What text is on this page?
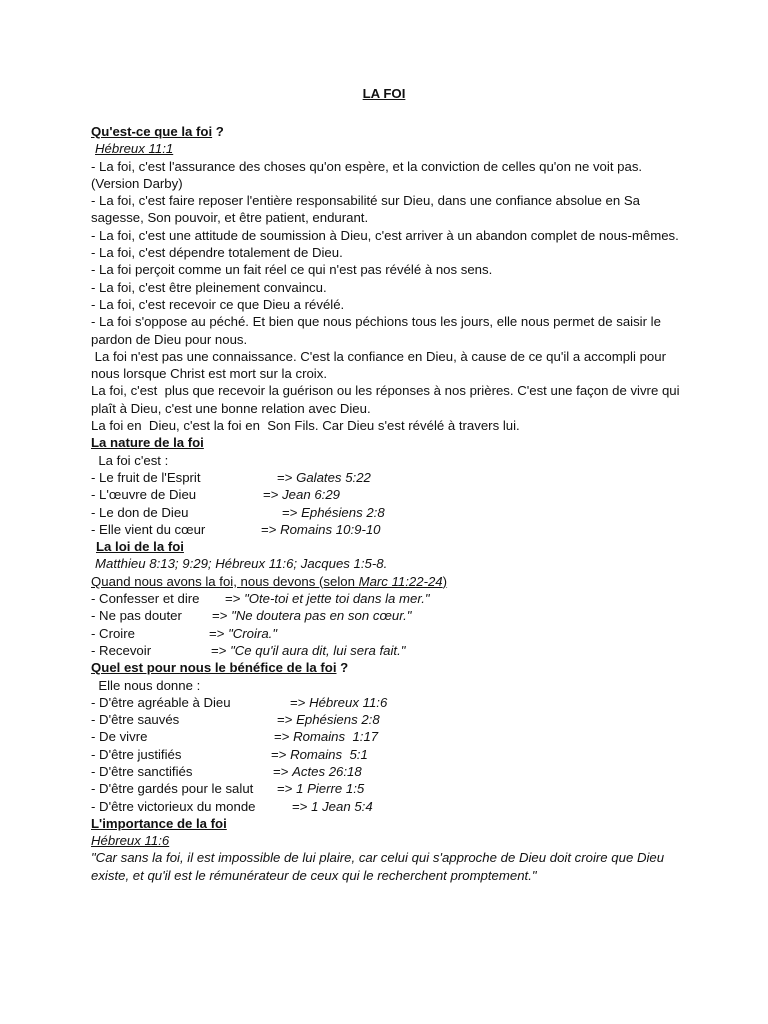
LA FOI

Qu'est-ce que la foi ?

Hébreux 11:1

- La foi, c'est l'assurance des choses qu'on espère, et la conviction de celles qu'on ne voit pas. (Version Darby)

- La foi, c'est faire reposer l'entière responsabilité sur Dieu, dans une confiance absolue en Sa sagesse, Son pouvoir, et être patient, endurant.

- La foi, c'est une attitude de soumission à Dieu, c'est arriver à un abandon complet de nous-mêmes.

- La foi, c'est dépendre totalement de Dieu.

- La foi perçoit comme un fait réel ce qui n'est pas révélé à nos sens.

- La foi, c'est être pleinement convaincu.

- La foi, c'est recevoir ce que Dieu a révélé.

- La foi s'oppose au péché. Et bien que nous péchions tous les jours, elle nous permet de saisir le pardon de Dieu pour nous.

La foi n'est pas une connaissance. C'est la confiance en Dieu, à cause de ce qu'il a accompli pour nous lorsque Christ est mort sur la croix.

La foi, c'est  plus que recevoir la guérison ou les réponses à nos prières. C'est une façon de vivre qui plaît à Dieu, c'est une bonne relation avec Dieu.

La foi en  Dieu, c'est la foi en  Son Fils. Car Dieu s'est révélé à travers lui.

La nature de la foi

La foi c'est :

- Le fruit de l'Esprit	=> Galates 5:22

- L'œuvre de Dieu	=> Jean 6:29

- Le don de Dieu	=> Ephésiens 2:8

- Elle vient du cœur	=> Romains 10:9-10

La loi de la foi

Matthieu 8:13; 9:29; Hébreux 11:6; Jacques 1:5-8.

Quand nous avons la foi, nous devons (selon Marc 11:22-24)

- Confesser et dire	=> "Ote-toi et jette toi dans la mer."

- Ne pas douter	=> "Ne doutera pas en son cœur."

- Croire	=> "Croira."

- Recevoir	=> "Ce qu'il aura dit, lui sera fait."

Quel est pour nous le bénéfice de la foi ?

Elle nous donne :

- D'être agréable à Dieu	=> Hébreux 11:6

- D'être sauvés	=> Ephésiens 2:8

- De vivre	=> Romains  1:17

- D'être justifiés	=> Romains  5:1

- D'être sanctifiés	=> Actes 26:18

- D'être gardés pour le salut	=> 1 Pierre 1:5

- D'être victorieux du monde	=> 1 Jean 5:4

L'importance de la foi

Hébreux 11:6

"Car sans la foi, il est impossible de lui plaire, car celui qui s'approche de Dieu doit croire que Dieu existe, et qu'il est le rémunérateur de ceux qui le recherchent promptement."
